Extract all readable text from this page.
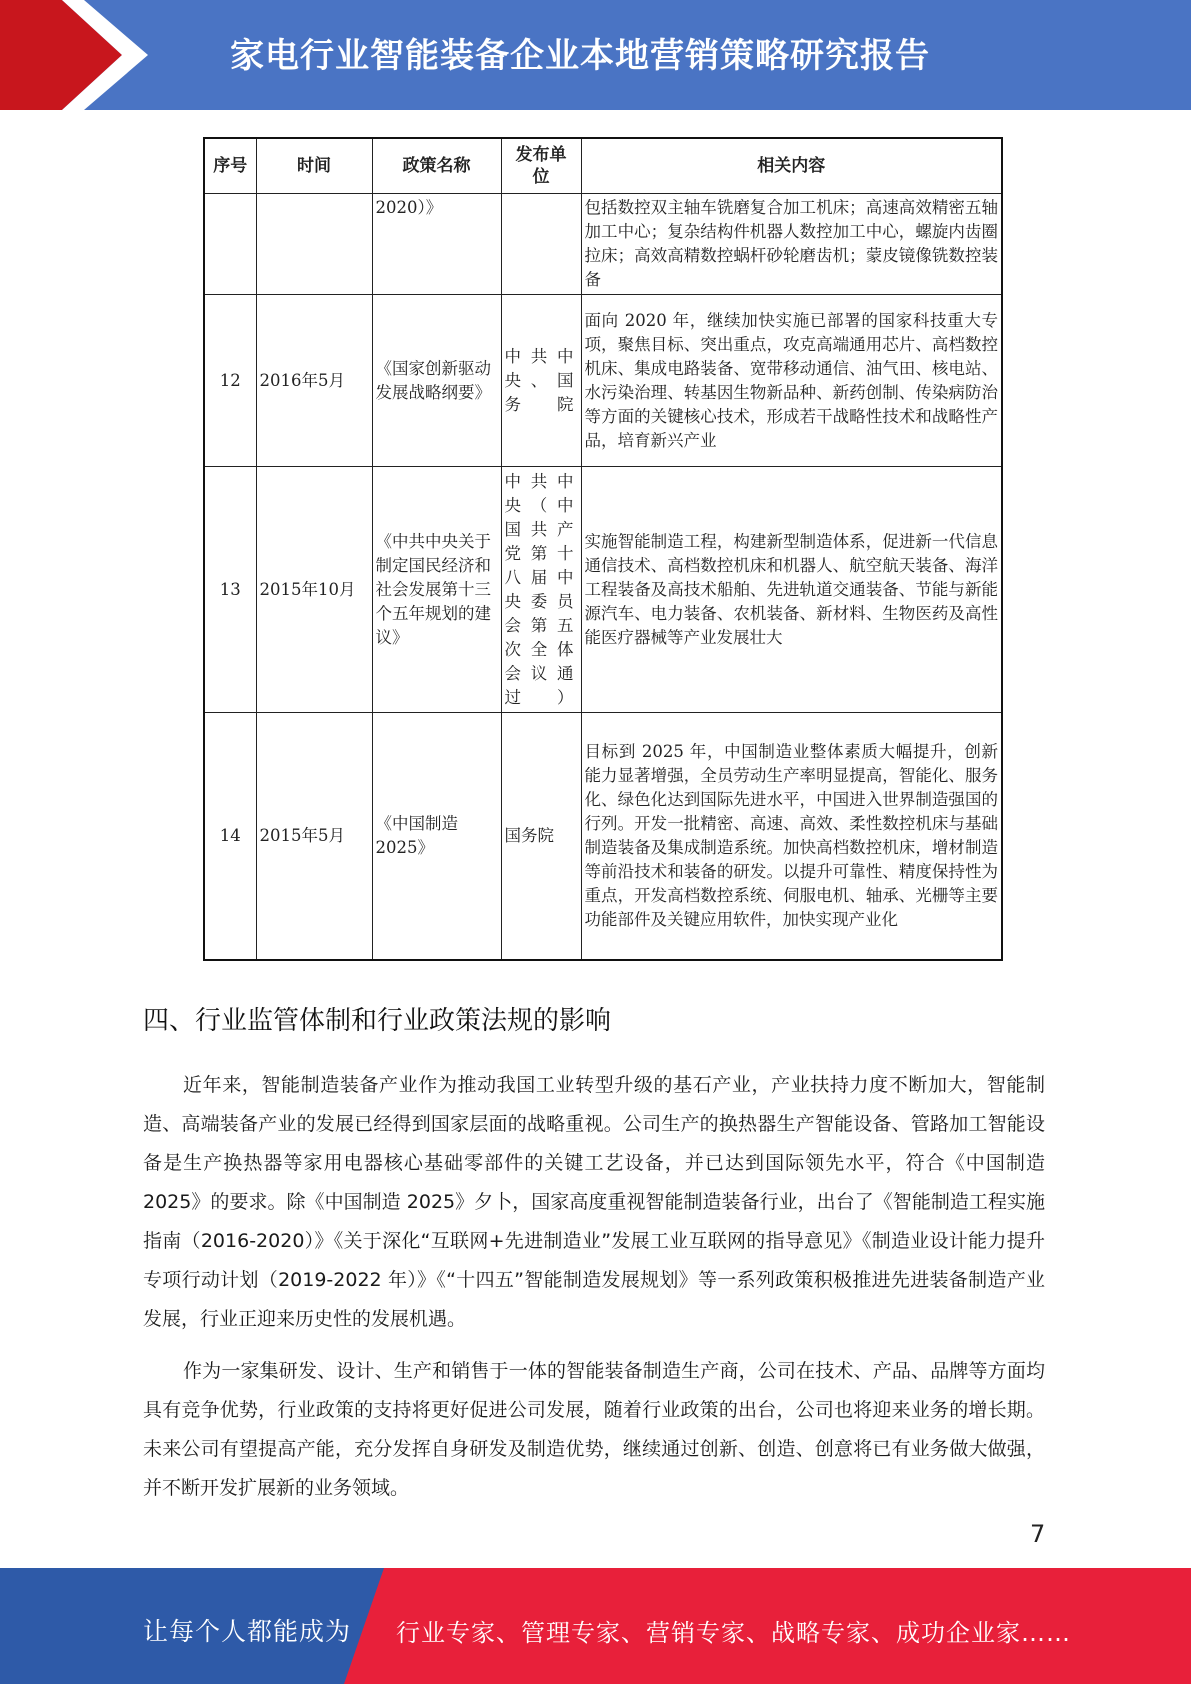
家电行业智能装备企业本地营销策略研究报告
序号	时间	政策名称	发布单位	相关内容
		2020）》		包括数控双主轴车铣磨复合加工机床；高速高效精密五轴加工中心；复杂结构件机器人数控加工中心，螺旋内齿圈拉床；高效高精数控蜗杆砂轮磨齿机；蒙皮镜像铣数控装备
12	2016年5月	《国家创新驱动发展战略纲要》	中共中央、国务院	面向 2020 年，继续加快实施已部署的国家科技重大专项，聚焦目标、突出重点，攻克高端通用芯片、高档数控机床、集成电路装备、宽带移动通信、油气田、核电站、水污染治理、转基因生物新品种、新药创制、传染病防治等方面的关键核心技术，形成若干战略性技术和战略性产品，培育新兴产业
13	2015年10月	《中共中央关于制定国民经济和社会发展第十三个五年规划的建议》	中共中央（中国共产党第十八届中央委员会第五次全体会议通过）	实施智能制造工程，构建新型制造体系，促进新一代信息通信技术、高档数控机床和机器人、航空航天装备、海洋工程装备及高技术船舶、先进轨道交通装备、节能与新能源汽车、电力装备、农机装备、新材料、生物医药及高性能医疗器械等产业发展壮大
14	2015年5月	《中国制造 2025》	国务院	目标到 2025 年，中国制造业整体素质大幅提升，创新能力显著增强，全员劳动生产率明显提高，智能化、服务化、绿色化达到国际先进水平，中国进入世界制造强国的行列。开发一批精密、高速、高效、柔性数控机床与基础制造装备及集成制造系统。加快高档数控机床，增材制造等前沿技术和装备的研发。以提升可靠性、精度保持性为重点，开发高档数控系统、伺服电机、轴承、光栅等主要功能部件及关键应用软件，加快实现产业化
四、行业监管体制和行业政策法规的影响

近年来，智能制造装备产业作为推动我国工业转型升级的基石产业，产业扶持力度不断加大，智能制造、高端装备产业的发展已经得到国家层面的战略重视。公司生产的换热器生产智能设备、管路加工智能设备是生产换热器等家用电器核心基础零部件的关键工艺设备，并已达到国际领先水平，符合《中国制造 2025》的要求。除《中国制造 2025》夕卜，国家高度重视智能制造装备行业，出台了《智能制造工程实施指南（2016-2020）》《关于深化“互联网+先进制造业”发展工业互联网的指导意见》《制造业设计能力提升专项行动计划（2019-2022 年）》《“十四五”智能制造发展规划》等一系列政策积极推进先进装备制造产业发展，行业正迎来历史性的发展机遇。

作为一家集研发、设计、生产和销售于一体的智能装备制造生产商，公司在技术、产品、品牌等方面均具有竞争优势，行业政策的支持将更好促进公司发展，随着行业政策的出台，公司也将迎来业务的增长期。未来公司有望提高产能，充分发挥自身研发及制造优势，继续通过创新、创造、创意将已有业务做大做强，并不断开发扩展新的业务领域。

7
让每个人都能成为 行业专家、管理专家、营销专家、战略专家、成功企业家……
